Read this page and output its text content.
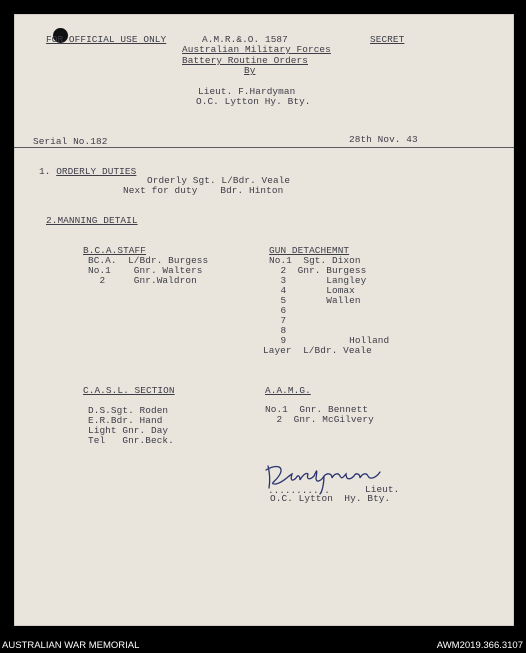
FOR OFFICIAL USE ONLY	A.M.R.&.O. 1587	SECRET
Australian Military Forces
Battery Routine Orders
By
Lieut. F.Hardyman
O.C. Lytton Hy. Bty.
Serial No.182	28th Nov. 43
1. ORDERLY DUTIES
Orderly Sgt. L/Bdr. Veale
Next for duty    Bdr. Hinton
2.MANNING DETAIL
B.C.A.STAFF
BC.A.  L/Bdr. Burgess
No.1    Gnr. Walters
2     Gnr.Waldron
GUN DETACHEMNT
No.1  Sgt. Dixon
2  Gnr. Burgess
3       Langley
4       Lomax
5       Wallen
6
7
8
9           Holland
Layer  L/Bdr. Veale
C.A.S.L. SECTION
D.S.Sgt. Roden
E.R.Bdr. Hand
Light Gnr. Day
Tel   Gnr.Beck.
A.A.M.G.
No.1  Gnr. Bennett
2  Gnr. McGilvery
...........	Lieut.
O.C. Lytton  Hy. Bty.
AUSTRALIAN WAR MEMORIAL	AWM2019.366.3107
